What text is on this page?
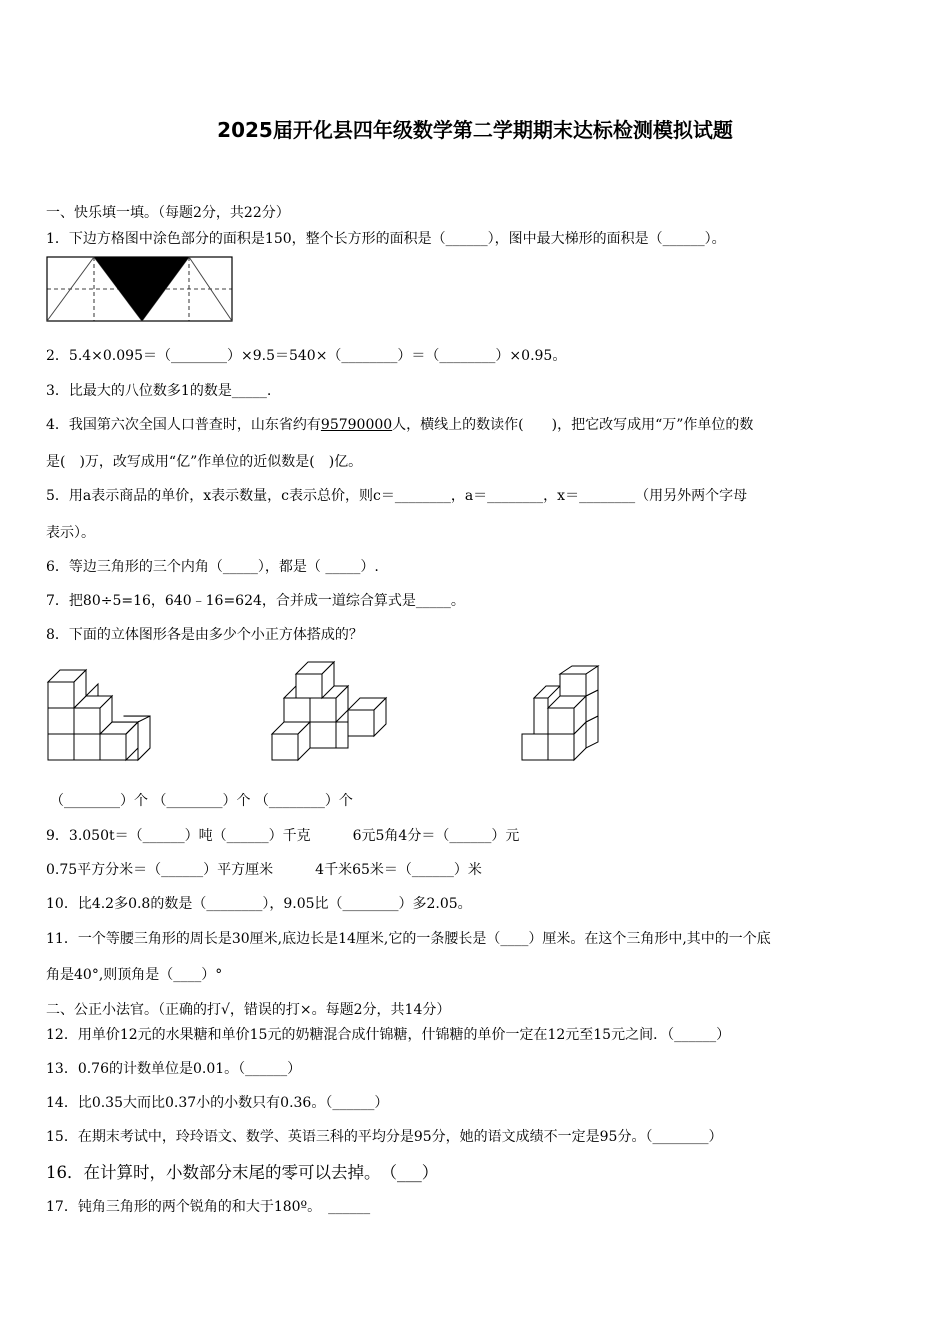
2025届开化县四年级数学第二学期期末达标检测模拟试题
一、快乐填一填。（每题2分，共22分）
1．下边方格图中涂色部分的面积是150，整个长方形的面积是（______），图中最大梯形的面积是（______）。
2．5.4×0.095＝（________）×9.5＝540×（________）＝（________）×0.95。
3．比最大的八位数多1的数是_____.
4．我国第六次全国人口普查时，山东省约有95790000人，横线上的数读作(　　)，把它改写成用“万”作单位的数
是(　)万，改写成用“亿”作单位的近似数是(　)亿。
5．用a表示商品的单价，x表示数量，c表示总价，则c＝________，a＝________，x＝________（用另外两个字母
表示）。
6．等边三角形的三个内角（_____），都是（ _____）.
7．把80÷5=16，640﹣16=624，合并成一道综合算式是_____。
8．下面的立体图形各是由多少个小正方体搭成的？
（________）个 （________）个 （________）个
9．3.050t＝（______）吨（______）千克　　　6元5角4分＝（______）元
0.75平方分米＝（______）平方厘米　　　4千米65米＝（______）米
10．比4.2多0.8的数是（________），9.05比（________）多2.05。
11．一个等腰三角形的周长是30厘米,底边长是14厘米,它的一条腰长是（____）厘米。在这个三角形中,其中的一个底
角是40°,则顶角是（____）°
二、公正小法官。（正确的打√，错误的打×。每题2分，共14分）
12．用单价12元的水果糖和单价15元的奶糖混合成什锦糖，什锦糖的单价一定在12元至15元之间．（______）
13．0.76的计数单位是0.01。（______）
14．比0.35大而比0.37小的小数只有0.36。（______）
15．在期末考试中，玲玲语文、数学、英语三科的平均分是95分，她的语文成绩不一定是95分。（________）
16．在计算时，小数部分末尾的零可以去掉。　（___）
17．钝角三角形的两个锐角的和大于180º。　______
